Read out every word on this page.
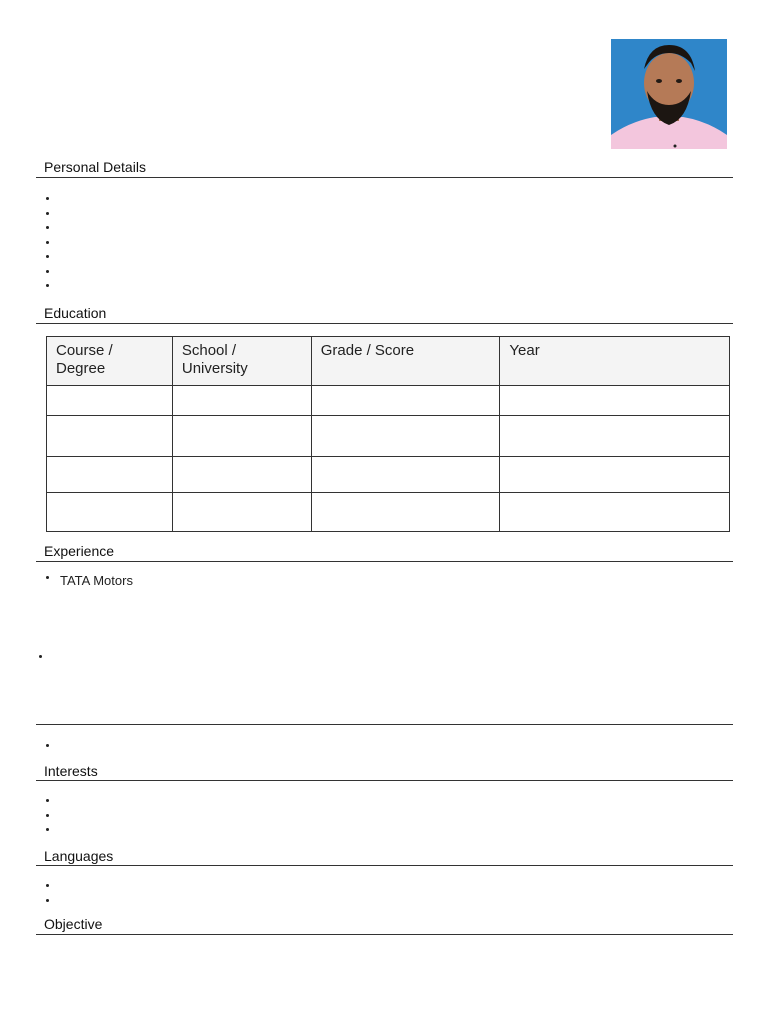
Personal Details
Education
Course / Degree	School / University	Grade / Score	Year

Experience
TATA Motors
Interests
Languages
Objective
